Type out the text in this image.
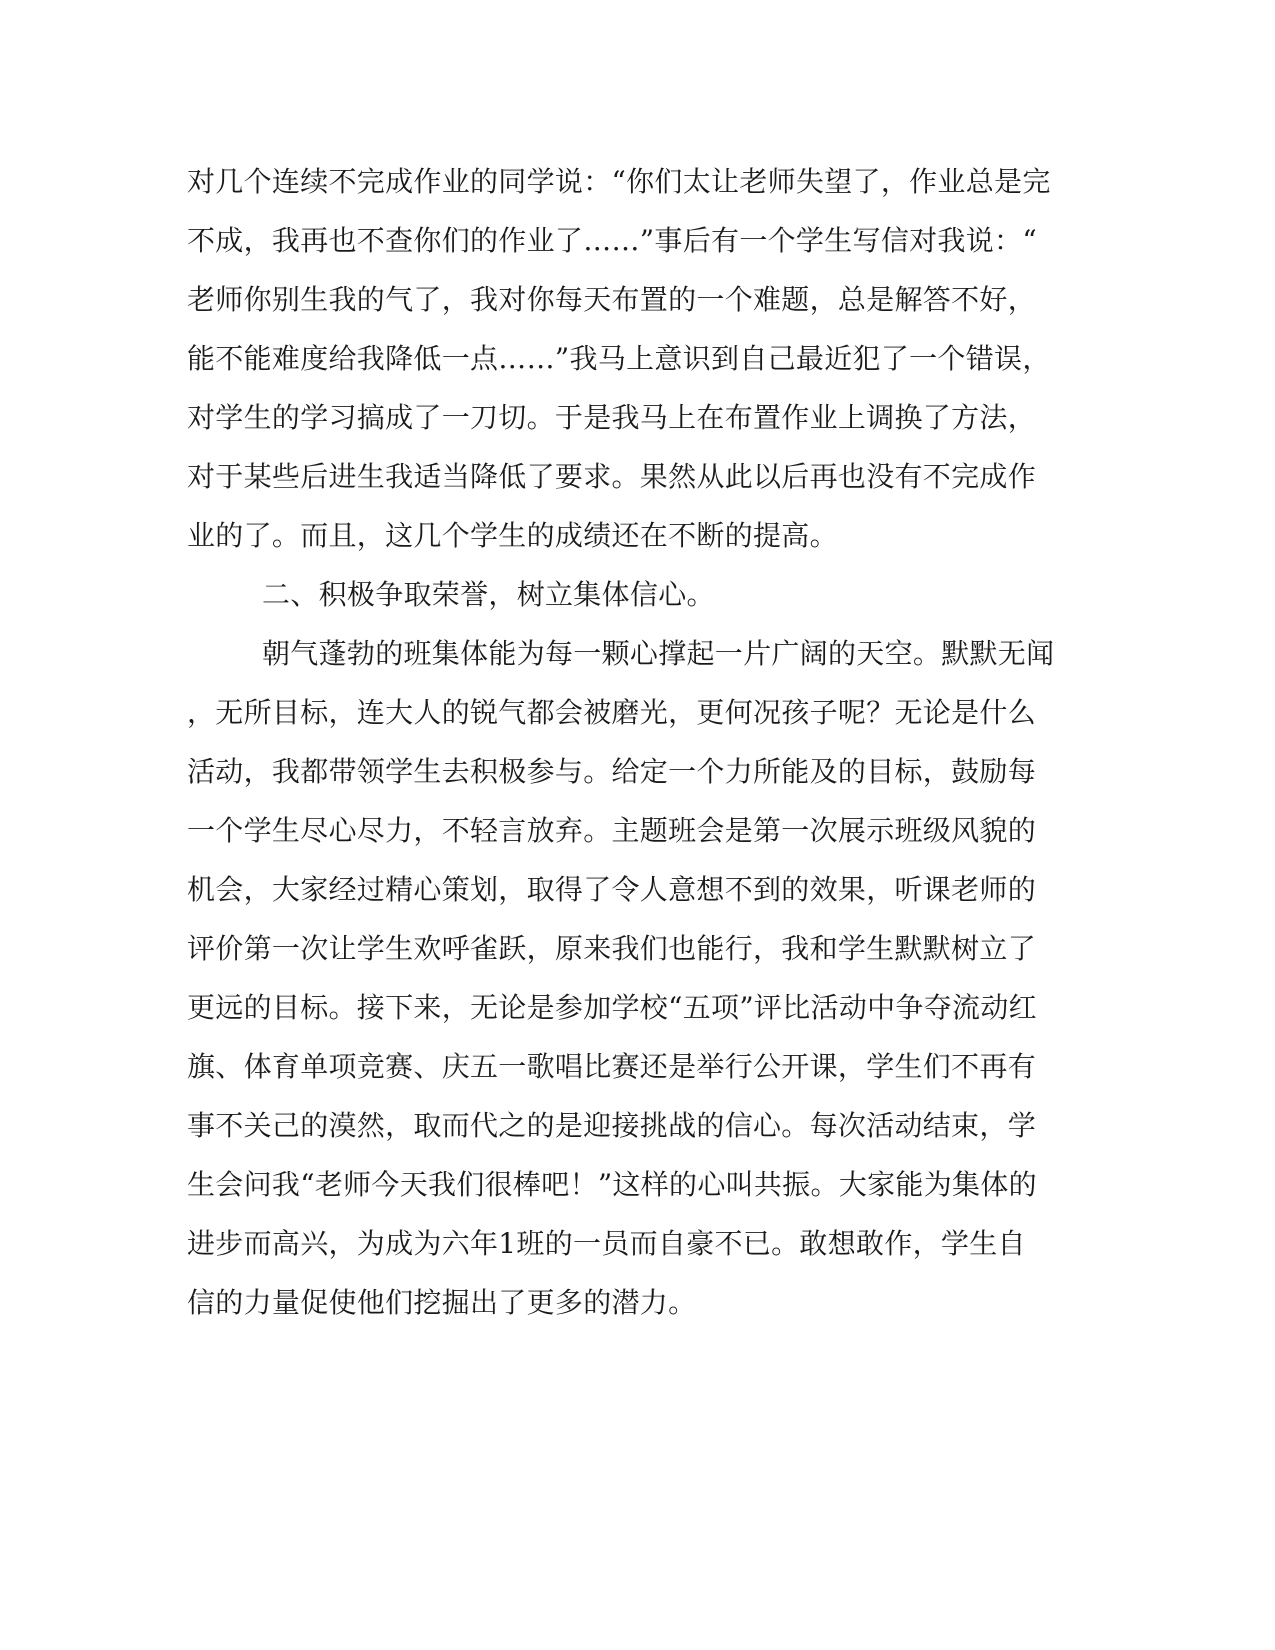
对几个连续不完成作业的同学说：“你们太让老师失望了，作业总是完
不成，我再也不查你们的作业了……”事后有一个学生写信对我说：“
老师你别生我的气了，我对你每天布置的一个难题，总是解答不好，
能不能难度给我降低一点……”我马上意识到自己最近犯了一个错误，
对学生的学习搞成了一刀切。于是我马上在布置作业上调换了方法，
对于某些后进生我适当降低了要求。果然从此以后再也没有不完成作
业的了。而且，这几个学生的成绩还在不断的提高。
二、积极争取荣誉，树立集体信心。
朝气蓬勃的班集体能为每一颗心撑起一片广阔的天空。默默无闻
，无所目标，连大人的锐气都会被磨光，更何况孩子呢？无论是什么
活动，我都带领学生去积极参与。给定一个力所能及的目标，鼓励每
一个学生尽心尽力，不轻言放弃。主题班会是第一次展示班级风貌的
机会，大家经过精心策划，取得了令人意想不到的效果，听课老师的
评价第一次让学生欢呼雀跃，原来我们也能行，我和学生默默树立了
更远的目标。接下来，无论是参加学校“五项”评比活动中争夺流动红
旗、体育单项竞赛、庆五一歌唱比赛还是举行公开课，学生们不再有
事不关己的漠然，取而代之的是迎接挑战的信心。每次活动结束，学
生会问我“老师今天我们很棒吧！”这样的心叫共振。大家能为集体的
进步而高兴，为成为六年1班的一员而自豪不已。敢想敢作，学生自
信的力量促使他们挖掘出了更多的潜力。
